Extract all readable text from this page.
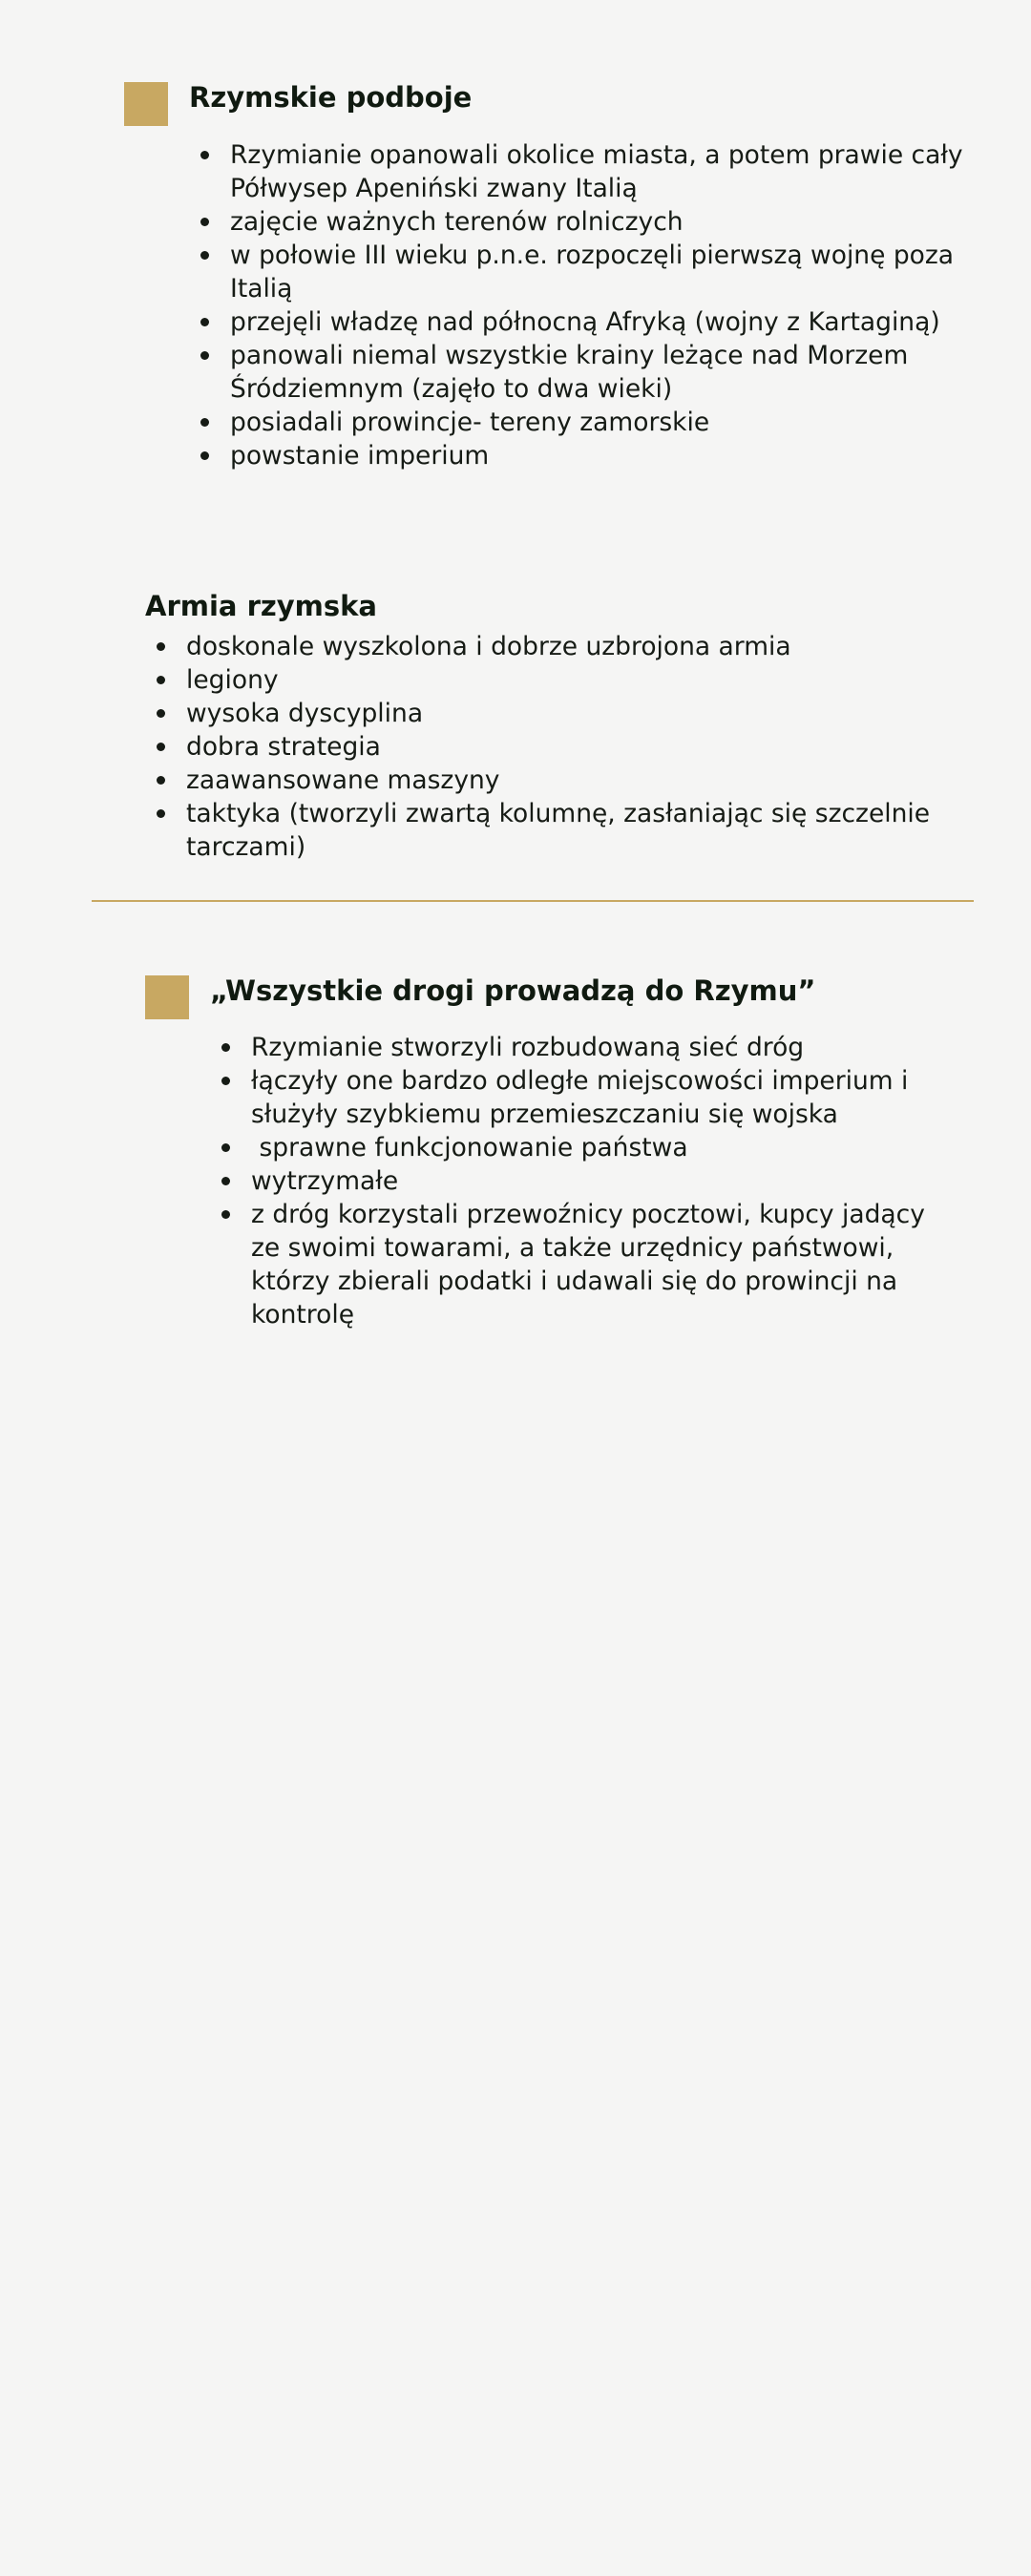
Rzymskie podboje
Rzymianie opanowali okolice miasta, a potem prawie cały Półwysep Apeniński zwany Italią
zajęcie ważnych terenów rolniczych
w połowie III wieku p.n.e. rozpoczęli pierwszą wojnę poza Italią
przejęli władzę nad północną Afryką (wojny z Kartaginą)
panowali niemal wszystkie krainy leżące nad Morzem Śródziemnym (zajęło to dwa wieki)
posiadali prowincje- tereny zamorskie
powstanie imperium
Armia rzymska
doskonale wyszkolona i dobrze uzbrojona armia
legiony
wysoka dyscyplina
dobra strategia
zaawansowane maszyny
taktyka (tworzyli zwartą kolumnę, zasłaniając się szczelnie tarczami)
„Wszystkie drogi prowadzą do Rzymu”
Rzymianie stworzyli rozbudowaną sieć dróg
łączyły one bardzo odległe miejscowości imperium i służyły szybkiemu przemieszczaniu się wojska
sprawne funkcjonowanie państwa
wytrzymałe
z dróg korzystali przewoźnicy pocztowi, kupcy jadący ze swoimi towarami, a także urzędnicy państwowi, którzy zbierali podatki i udawali się do prowincji na kontrolę
